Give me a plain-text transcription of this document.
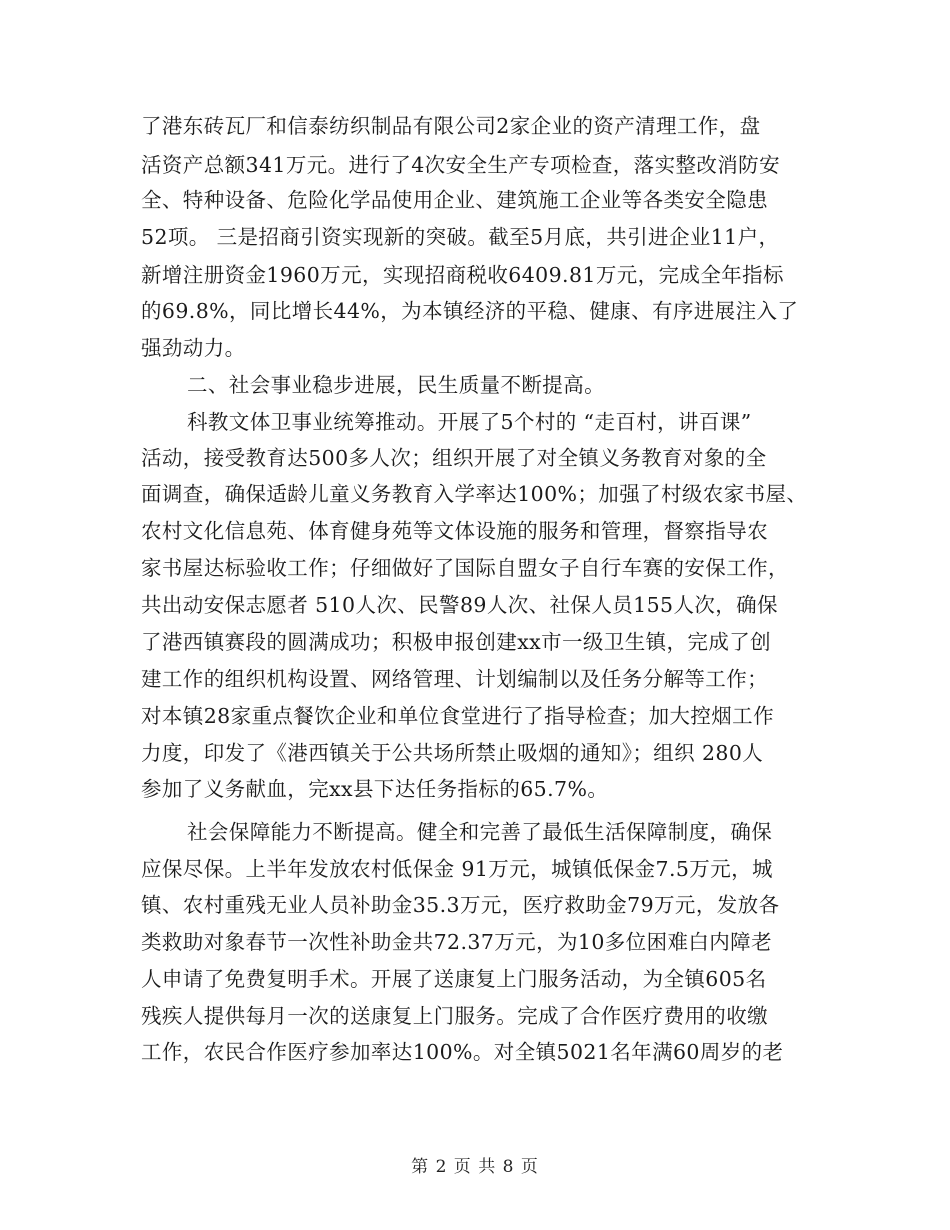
了港东砖瓦厂和信泰纺织制品有限公司2家企业的资产清理工作，盘
活资产总额341万元。进行了4次安全生产专项检查，落实整改消防安
全、特种设备、危险化学品使用企业、建筑施工企业等各类安全隐患
52项。 三是招商引资实现新的突破。截至5月底，共引进企业11户，
新增注册资金1960万元，实现招商税收6409.81万元，完成全年指标
的69.8%，同比增长44%，为本镇经济的平稳、健康、有序进展注入了
强劲动力。
二、社会事业稳步进展，民生质量不断提高。
科教文体卫事业统筹推动。开展了5个村的 “走百村，讲百课”
活动，接受教育达500多人次；组织开展了对全镇义务教育对象的全
面调查，确保适龄儿童义务教育入学率达100%；加强了村级农家书屋、
农村文化信息苑、体育健身苑等文体设施的服务和管理，督察指导农
家书屋达标验收工作；仔细做好了国际自盟女子自行车赛的安保工作，
共出动安保志愿者 510人次、民警89人次、社保人员155人次，确保
了港西镇赛段的圆满成功；积极申报创建xx市一级卫生镇，完成了创
建工作的组织机构设置、网络管理、计划编制以及任务分解等工作；
对本镇28家重点餐饮企业和单位食堂进行了指导检查；加大控烟工作
力度，印发了《港西镇关于公共场所禁止吸烟的通知》；组织 280人
参加了义务献血，完xx县下达任务指标的65.7%。
社会保障能力不断提高。健全和完善了最低生活保障制度，确保
应保尽保。上半年发放农村低保金 91万元，城镇低保金7.5万元，城
镇、农村重残无业人员补助金35.3万元，医疗救助金79万元，发放各
类救助对象春节一次性补助金共72.37万元，为10多位困难白内障老
人申请了免费复明手术。开展了送康复上门服务活动，为全镇605名
残疾人提供每月一次的送康复上门服务。完成了合作医疗费用的收缴
工作，农民合作医疗参加率达100%。对全镇5021名年满60周岁的老
第 2 页 共 8 页
